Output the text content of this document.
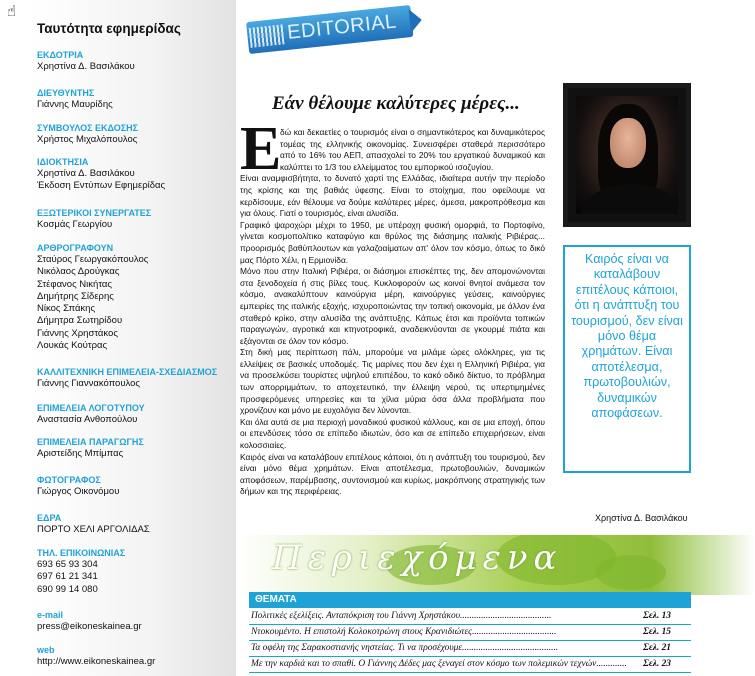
☝
Ταυτότητα εφημερίδας
ΕΚΔΟΤΡΙΑ
Χρηστίνα Δ. Βασιλάκου
ΔΙΕΥΘΥΝΤΗΣ
Γιάννης Μαυρίδης
ΣΥΜΒΟΥΛΟΣ ΕΚΔΟΣΗΣ
Χρήστος Μιχαλόπουλος
ΙΔΙΟΚΤΗΣΙΑ
Χρηστίνα Δ. Βασιλάκου
Έκδοση Εντύπων Εφημερίδας
ΕΞΩΤΕΡΙΚΟΙ ΣΥΝΕΡΓΑΤΕΣ
Κοσμάς Γεωργίου
ΑΡΘΡΟΓΡΑΦΟΥΝ
Σταύρος Γεωργακόπουλος
Νικόλαος Δρούγκας
Στέφανος Νικήτας
Δημήτρης Σίδερης
Νίκος Σπάκης
Δήμητρα Σωτηρίδου
Γιάννης Χρηστάκος
Λουκάς Κούτρας
ΚΑΛΛΙΤΕΧΝΙΚΗ ΕΠΙΜΕΛΕΙΑ-ΣΧΕΔΙΑΣΜΟΣ
Γιάννης Γιαννακόπουλος
ΕΠΙΜΕΛΕΙΑ ΛΟΓΟΤΥΠΟΥ
Αναστασία Ανθοπούλου
ΕΠΙΜΕΛΕΙΑ ΠΑΡΑΓΩΓΗΣ
Αριστείδης Μπίμπας
ΦΩΤΟΓΡΑΦΟΣ
Γιώργος Οικονόμου
ΕΔΡΑ
ΠΟΡΤΟ ΧΕΛΙ ΑΡΓΟΛΙΔΑΣ
ΤΗΛ. ΕΠΙΚΟΙΝΩΝΙΑΣ
693 65 93 304
697 61 21 341
690 99 14 080
e-mail
press@eikoneskainea.gr
web
http://www.eikoneskainea.gr
EDITORIAL
Εάν θέλουμε καλύτερες μέρες...
Καιρός είναι να καταλάβουν επιτέλους κάποιοι, ότι η ανάπτυξη του τουρισμού, δεν είναι μόνο θέμα χρημάτων. Είναι αποτέλεσμα, πρωτοβουλιών, δυναμικών αποφάσεων.
Ε

δώ και δεκαετίες ο τουρισμός είναι ο σημαντικότερος και δυναμικότερος τομέας της ελληνικής οικονομίας. Συνεισφέρει σταθερά περισσότερο από το 16% του ΑΕΠ, απασχολεί το 20% του εργατικού δυναμικού και καλύπτει το 1/3 του ελλείμματος του εμπορικού ισοζυγίου.

Είναι αναμφισβήτητα, το δυνατό χαρτί της Ελλάδας, ιδιαίτερα αυτήν την περίοδο της κρίσης και της βαθιάς ύφεσης. Είναι το στοίχημα, που οφείλουμε να κερδίσουμε, εάν θέλουμε να δούμε καλύτερες μέρες, άμεσα, μακροπρόθεσμα και για όλους. Γιατί ο τουρισμός, είναι αλυσίδα.

Γραφικό ψαροχώρι μέχρι το 1950, με υπέροχη φυσική ομορφιά, το Πορτοφίνο, γίνεται κοσμοπολίτικο καταφύγιο και θρύλος της διάσημης ιταλικής Ριβιέρας... προορισμός βαθύπλουτων και γαλαζοαίματων απ' όλον τον κόσμο, όπως το δικό μας Πόρτο Χέλι, η Ερμιονίδα.

Μόνο που στην Ιταλική Ριβιέρα, οι διάσημοι επισκέπτες της, δεν απομονώνονται στα ξενοδοχεία ή στις βίλες τους. Κυκλοφορούν ως κοινοί θνητοί ανάμεσα τον κόσμο, ανακαλύπτουν καινούργια μέρη, καινούργιες γεύσεις, καινούργιες εμπειρίες της ιταλικής εξοχής, ισχυροποιώντας την τοπική οικονομία, με άλλον ένα σταθερό κρίκο, στην αλυσίδα της ανάπτυξης. Κάπως έτσι και προϊόντα τοπικών παραγωγών, αγροτικά και κτηνοτροφικά, αναδεικνύονται σε γκουρμέ πιάτα και εξάγονται σε όλον τον κόσμο.

Στη δική μας περίπτωση πάλι, μπορούμε να μιλάμε ώρες ολόκληρες, για τις ελλείψεις σε βασικές υποδομές. Τις μαρίνες που δεν έχει η Ελληνική Ριβιέρα, για να προσελκύσει τουρίστες υψηλού επιπέδου, το κακό οδικό δίκτυο, το πρόβλημα των απορριμμάτων, το αποχετευτικό, την έλλειψη νερού, τις υπερτιμημένες προσφερόμενες υπηρεσίες και τα χίλια μύρια όσα άλλα προβλήματα που χρονίζουν και μόνο με ευχολόγια δεν λύνονται.

Και όλα αυτά σε μια περιοχή μοναδικού φυσικού κάλλους, και σε μια εποχή, όπου οι επενδύσεις τόσο σε επίπεδο ιδιωτών, όσο και σε επίπεδο επιχειρήσεων, είναι κολοσσιαίες.

Καιρός είναι να καταλάβουν επιτέλους κάποιοι, ότι η ανάπτυξη του τουρισμού, δεν είναι μόνο θέμα χρημάτων. Είναι αποτέλεσμα, πρωτοβουλιών, δυναμικών αποφάσεων, παρέμβασης, συντονισμού και κυρίως, μακρόπνοης στρατηγικής των δήμων και της περιφέρειας.

Χρηστίνα Δ. Βασιλάκου
Περιεχόμενα
ΘΕΜΑΤΑ
Πολιτικές εξελίξεις. Ανταπόκριση του Γιάννη Χρηστάκου.......................................	Σελ. 13
Ντοκουμέντο. Η επιστολή Κολοκοτρώνη στους Κρανιδιώτες....................................	Σελ. 15
Τα οφέλη της Σαρακοστιανής νηστείας. Τι να προσέχουμε.........................................	Σελ. 21
Με την καρδιά και το σπαθί. Ο Γιάννης Δέδες μας ξεναγεί στον κόσμο των πολεμικών τεχνών............. Σελ. 23
